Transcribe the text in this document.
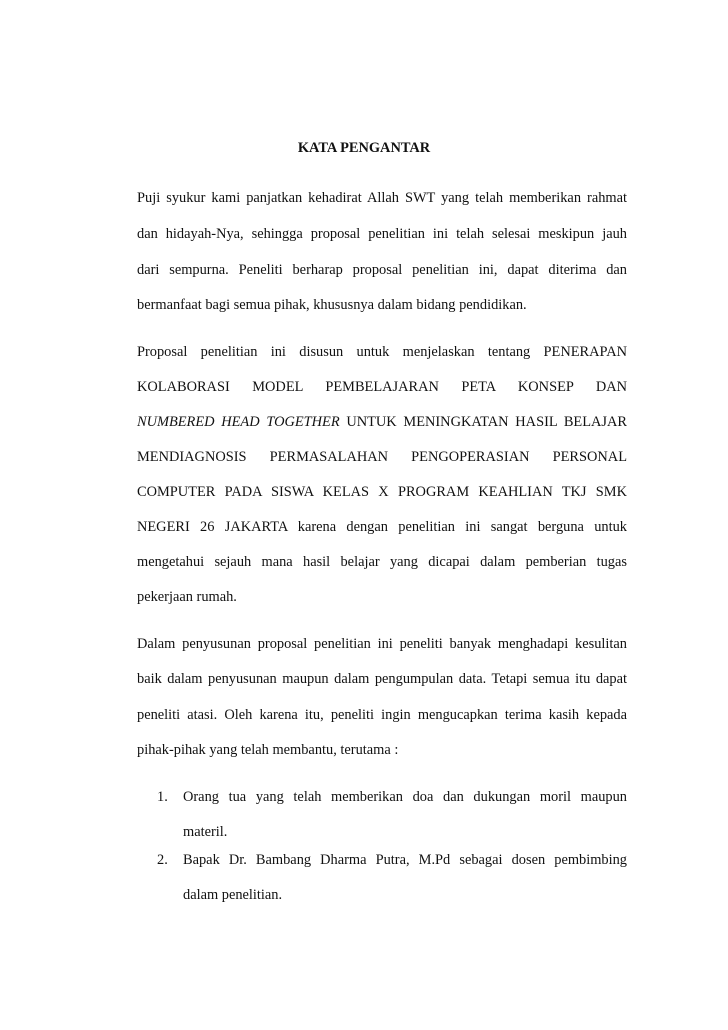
KATA PENGANTAR

Puji syukur kami panjatkan kehadirat Allah SWT yang telah memberikan rahmat

dan hidayah-Nya, sehingga proposal penelitian ini telah selesai meskipun jauh

dari sempurna. Peneliti berharap proposal penelitian ini, dapat diterima dan

bermanfaat bagi semua pihak, khususnya dalam bidang pendidikan.

Proposal penelitian ini disusun untuk menjelaskan tentang PENERAPAN

KOLABORASI MODEL PEMBELAJARAN PETA KONSEP DAN

NUMBERED HEAD TOGETHER UNTUK MENINGKATAN HASIL BELAJAR

MENDIAGNOSIS PERMASALAHAN PENGOPERASIAN PERSONAL

COMPUTER PADA SISWA KELAS X PROGRAM KEAHLIAN TKJ SMK

NEGERI 26 JAKARTA karena dengan penelitian ini sangat berguna untuk

mengetahui sejauh mana hasil belajar yang dicapai dalam pemberian tugas

pekerjaan rumah.

Dalam penyusunan proposal penelitian ini peneliti banyak menghadapi kesulitan

baik dalam penyusunan maupun dalam pengumpulan data. Tetapi semua itu dapat

peneliti atasi. Oleh karena itu, peneliti ingin mengucapkan terima kasih kepada

pihak-pihak yang telah membantu, terutama :

1.	Orang tua yang telah memberikan doa dan dukungan moril maupun

materil.

2.	Bapak Dr. Bambang Dharma Putra, M.Pd sebagai dosen pembimbing

dalam penelitian.
